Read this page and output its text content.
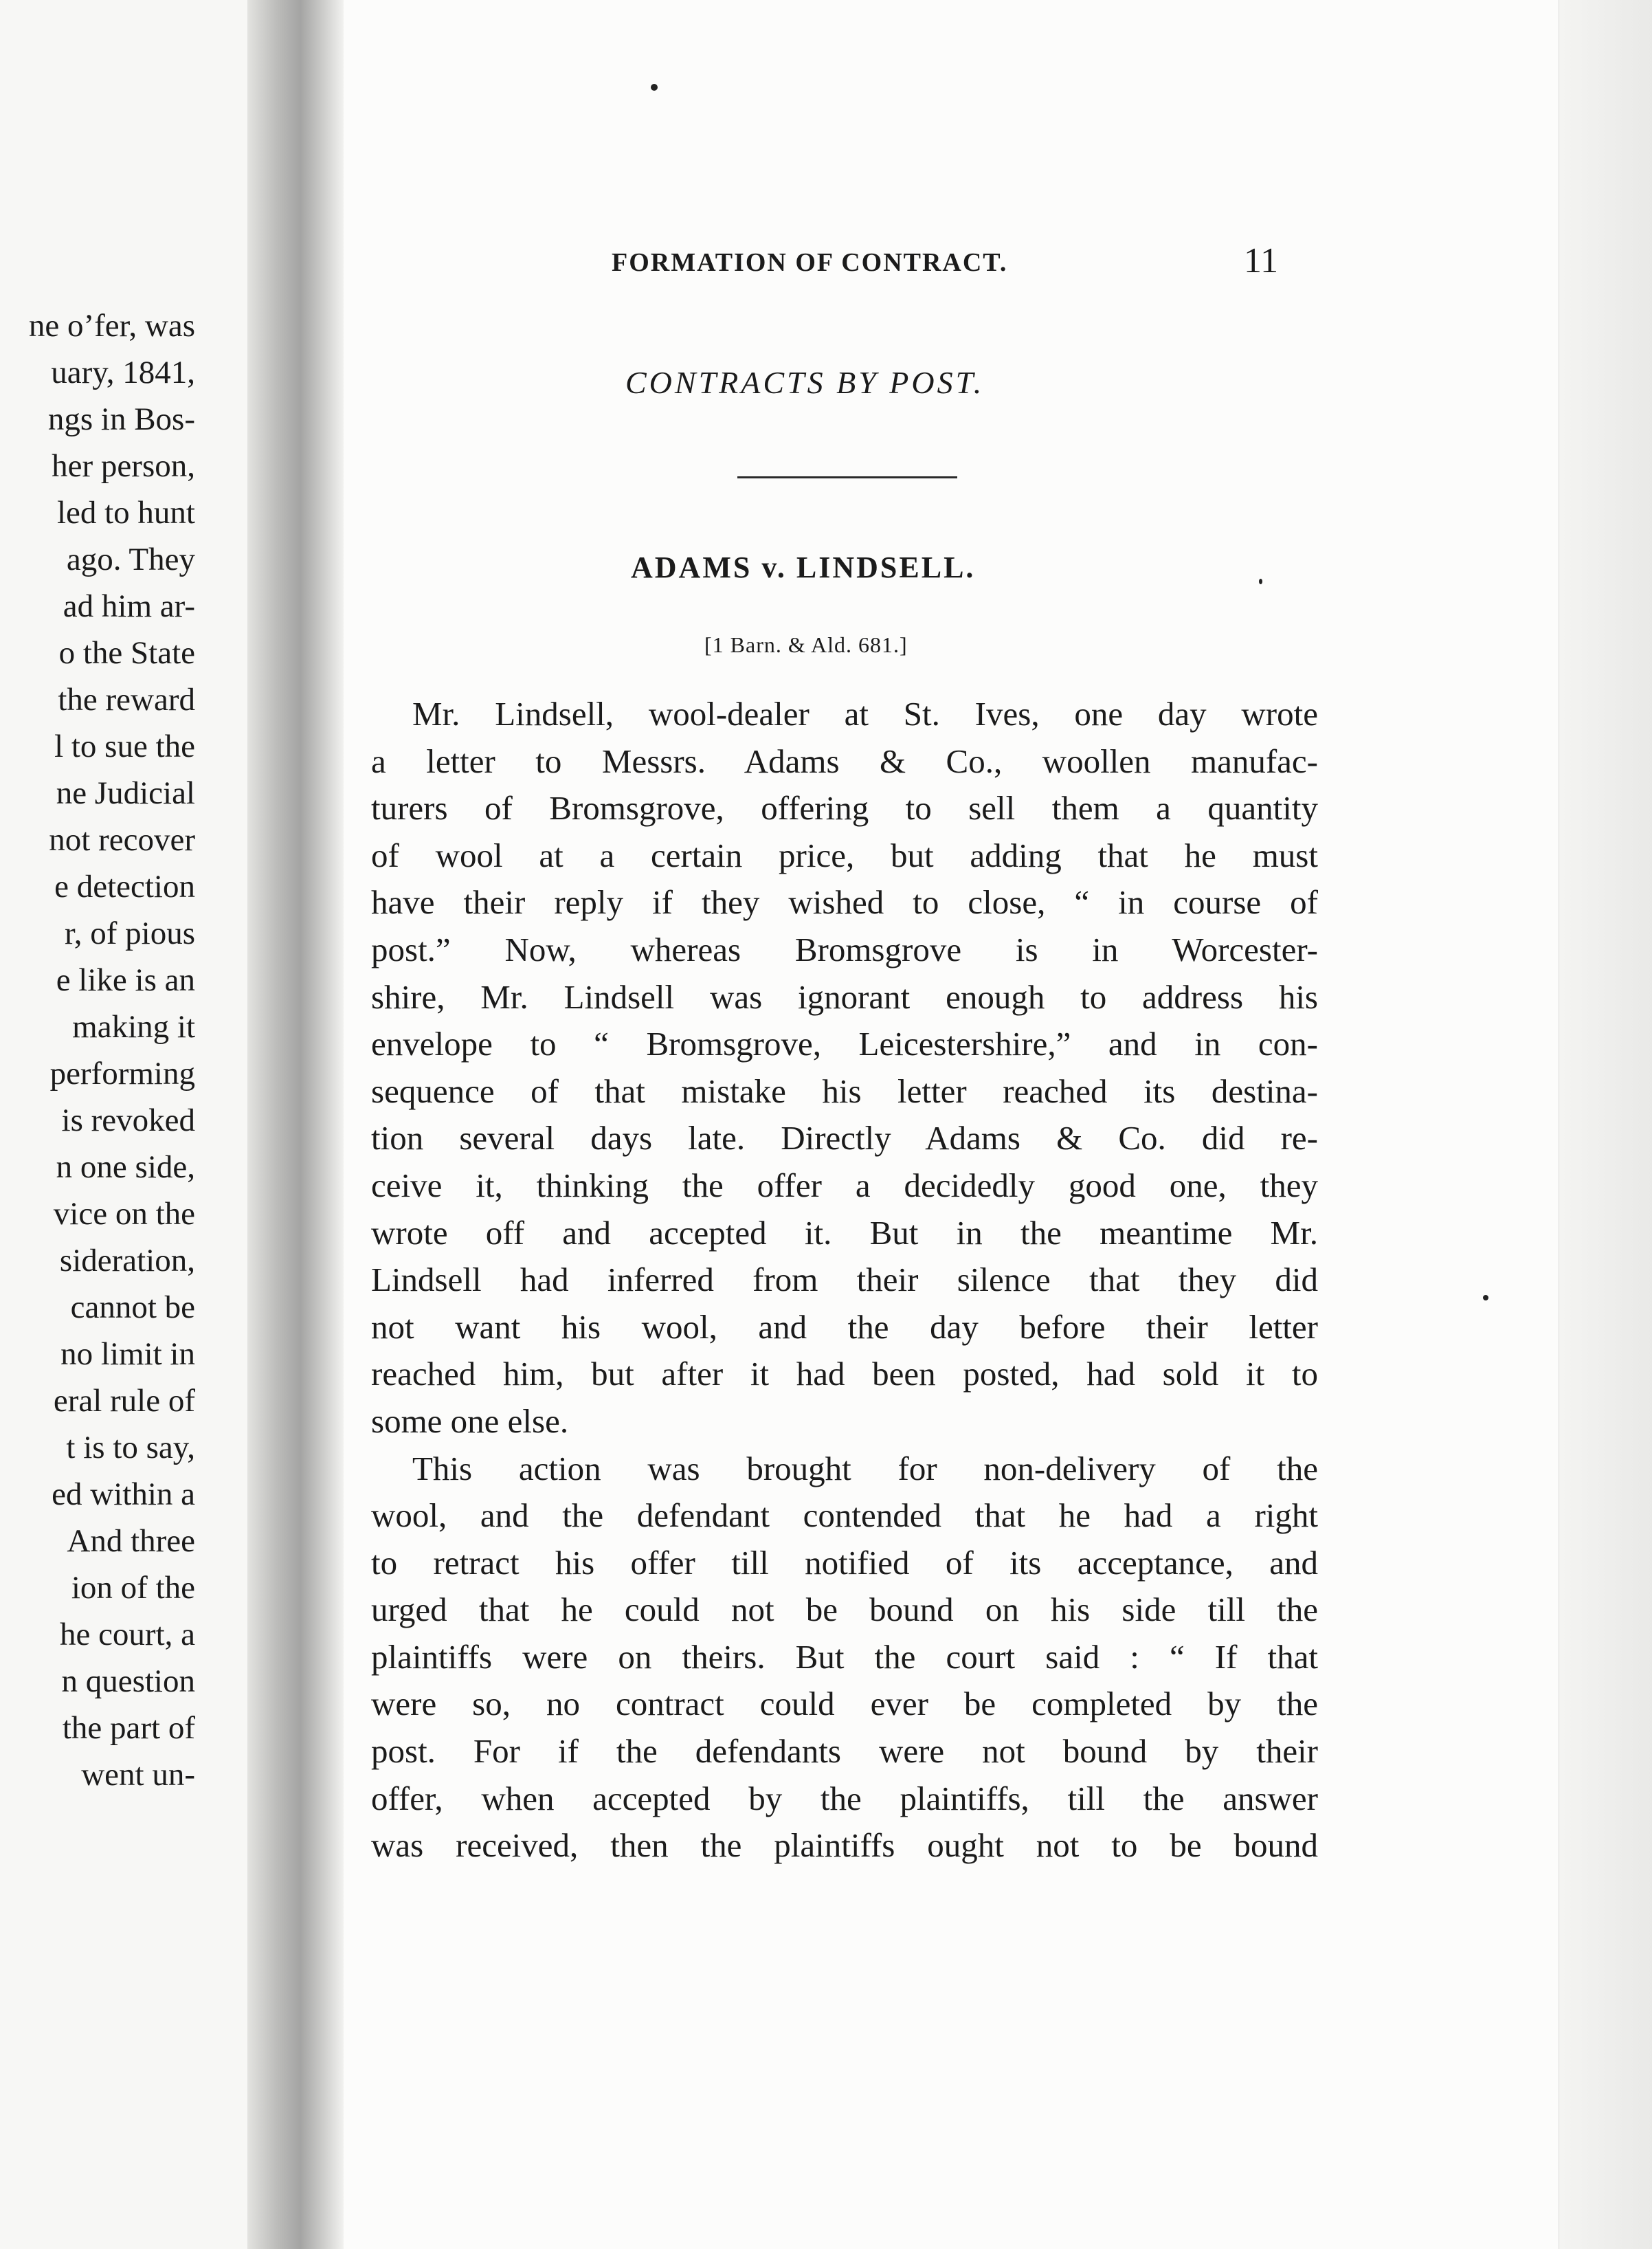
ne o’fer, was
uary, 1841,
ngs in Bos-
her person,
led to hunt
ago. They
ad him ar-
o the State
the reward
l to sue the
ne Judicial
not recover
e detection
r, of pious
e like is an
making it
performing
is revoked
n one side,
vice on the
sideration,
cannot be
no limit in
eral rule of
t is to say,
ed within a
And three
ion of the
he court, a
n question
the part of
went un-
FORMATION OF CONTRACT.	11
CONTRACTS BY POST.
ADAMS v. LINDSELL.
[1 Barn. & Ald. 681.]
Mr. Lindsell, wool-dealer at St. Ives, one day wrote
a letter to Messrs. Adams & Co., woollen manufac-
turers of Bromsgrove, offering to sell them a quantity
of wool at a certain price, but adding that he must
have their reply if they wished to close, “ in course of
post.” Now, whereas Bromsgrove is in Worcester-
shire, Mr. Lindsell was ignorant enough to address his
envelope to “ Bromsgrove, Leicestershire,” and in con-
sequence of that mistake his letter reached its destina-
tion several days late. Directly Adams & Co. did re-
ceive it, thinking the offer a decidedly good one, they
wrote off and accepted it. But in the meantime Mr.
Lindsell had inferred from their silence that they did
not want his wool, and the day before their letter
reached him, but after it had been posted, had sold it to
some one else.
This action was brought for non-delivery of the
wool, and the defendant contended that he had a right
to retract his offer till notified of its acceptance, and
urged that he could not be bound on his side till the
plaintiffs were on theirs. But the court said : “ If that
were so, no contract could ever be completed by the
post. For if the defendants were not bound by their
offer, when accepted by the plaintiffs, till the answer
was received, then the plaintiffs ought not to be bound
